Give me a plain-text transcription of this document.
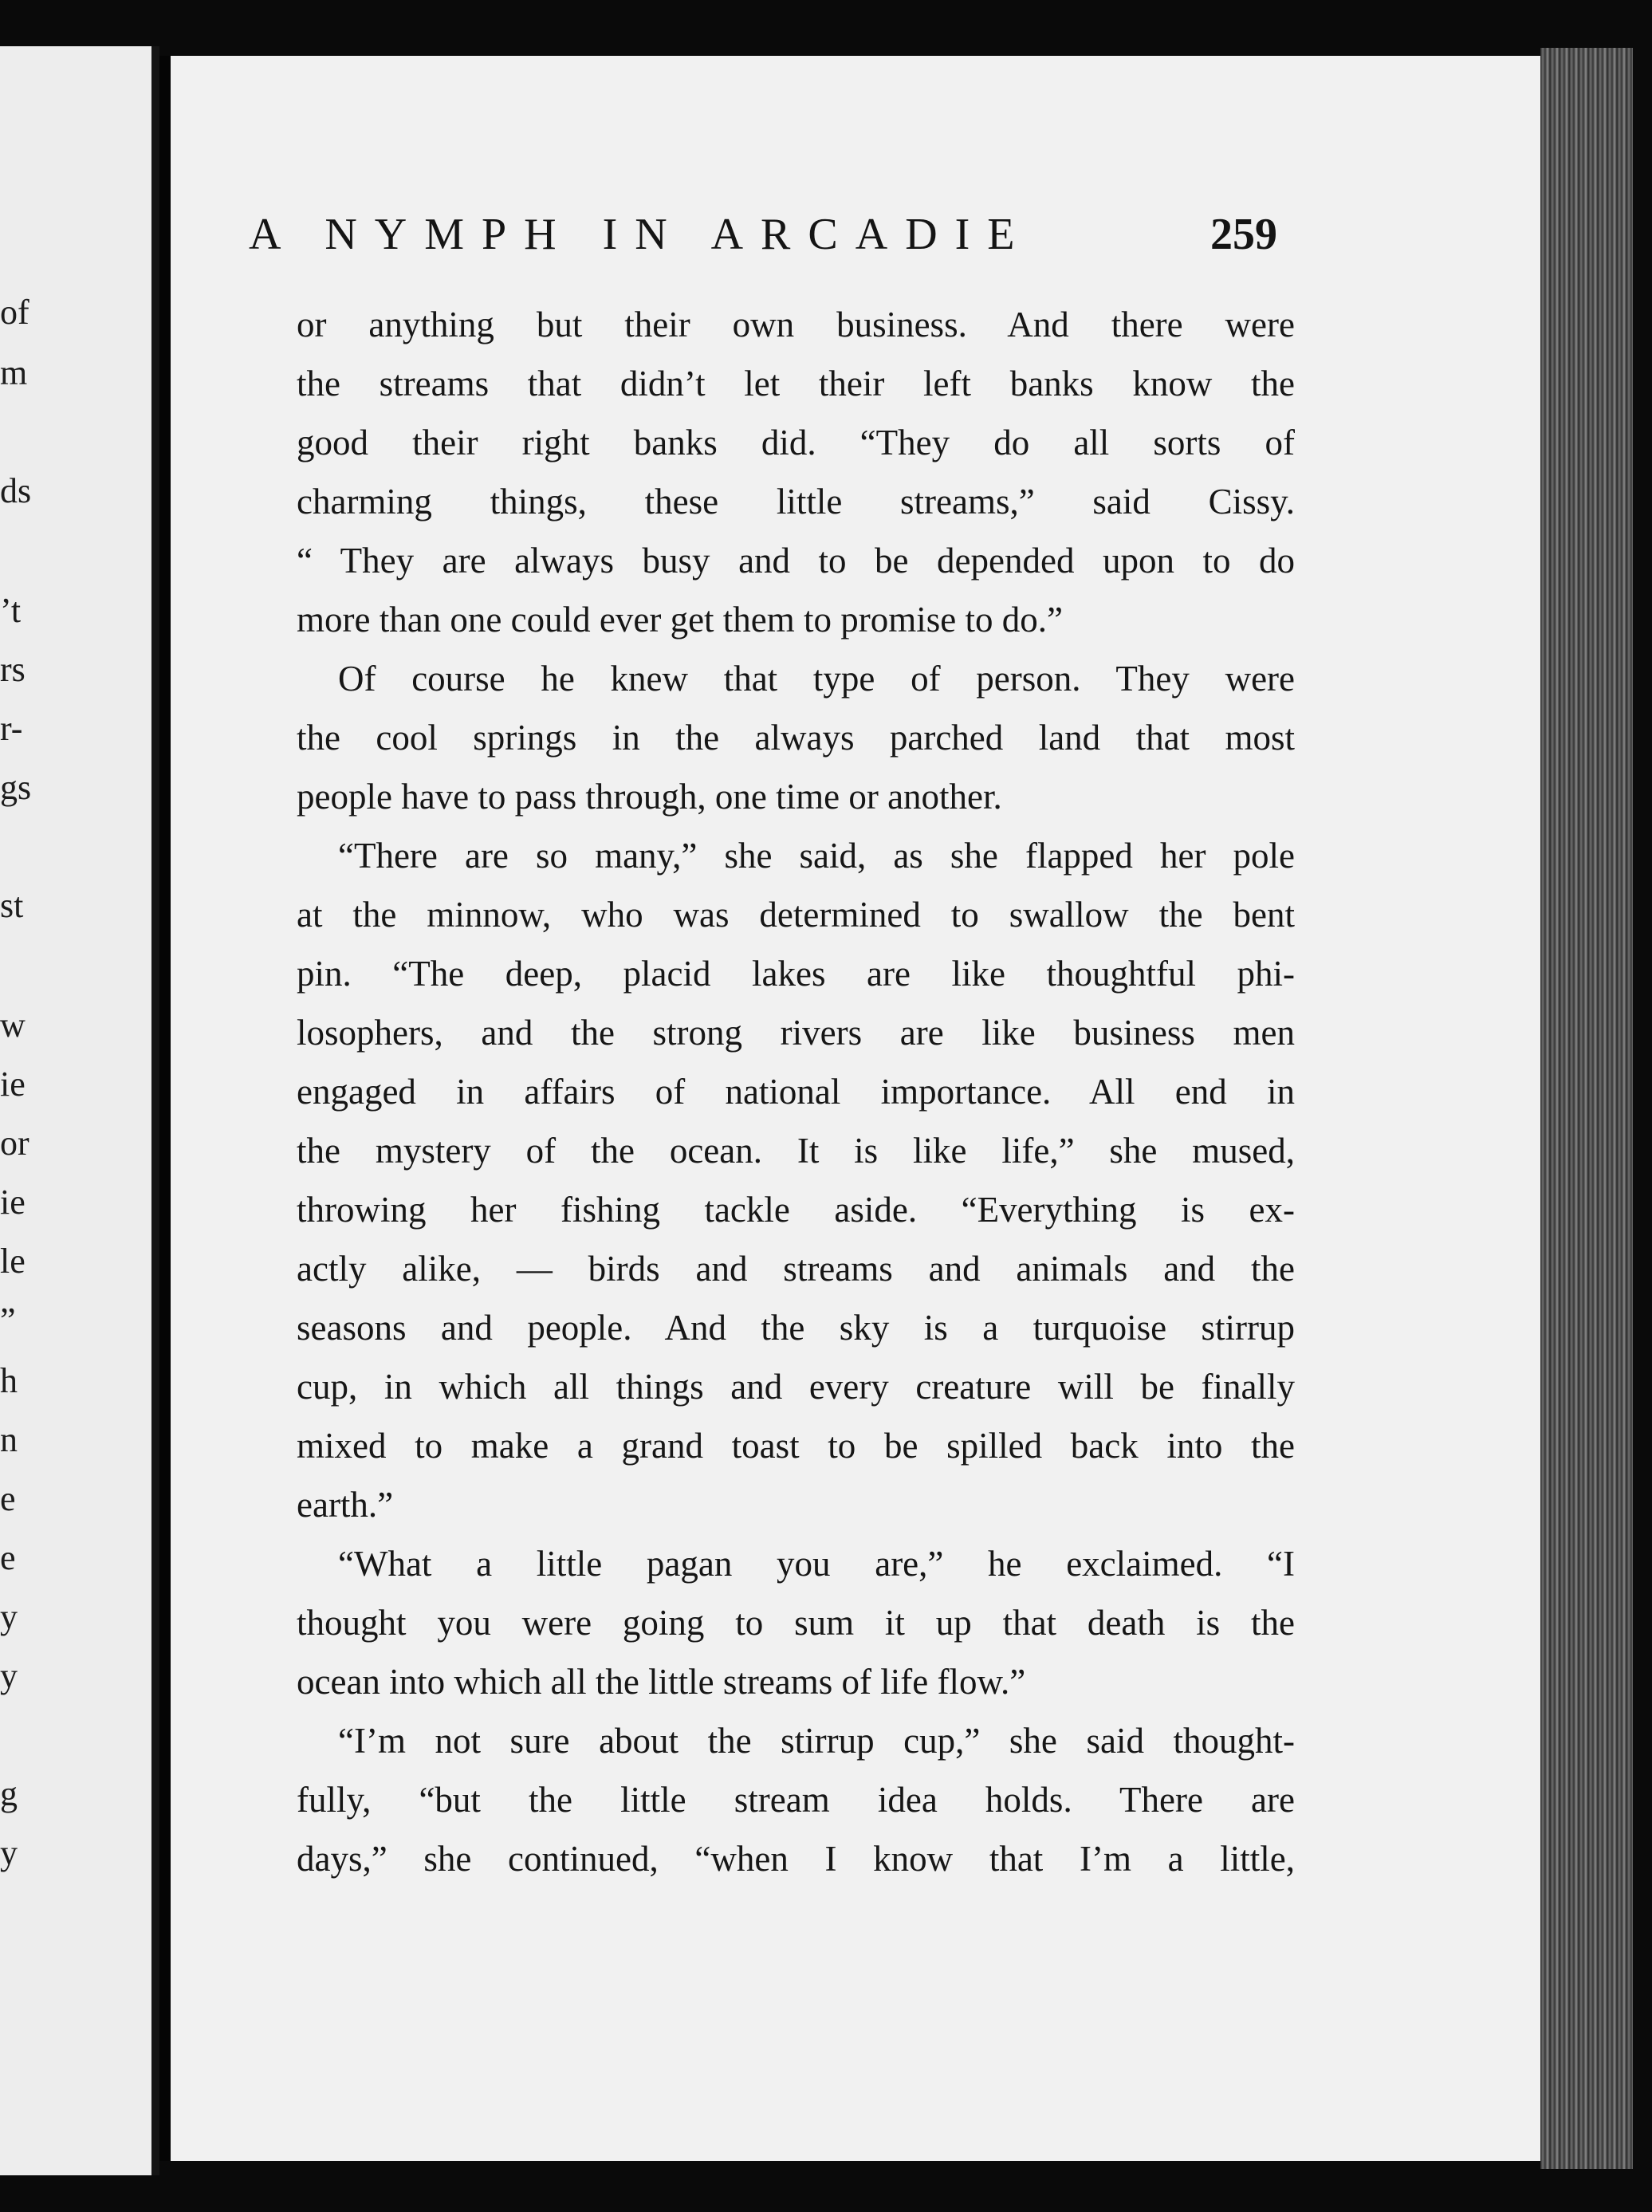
of
m
ds
’t
rs
r-
gs
st
w
ie
or
ie
le
”
h
n
e
e
y
y
g
y
A NYMPH IN ARCADIE	259
or anything but their own business. And there were
the streams that didn’t let their left banks know the
good their right banks did. “They do all sorts of
charming things, these little streams,” said Cissy.
“ They are always busy and to be depended upon to do
more than one could ever get them to promise to do.”
Of course he knew that type of person. They were
the cool springs in the always parched land that most
people have to pass through, one time or another.
“There are so many,” she said, as she flapped her pole
at the minnow, who was determined to swallow the bent
pin. “The deep, placid lakes are like thoughtful phi-
losophers, and the strong rivers are like business men
engaged in affairs of national importance. All end in
the mystery of the ocean. It is like life,” she mused,
throwing her fishing tackle aside. “Everything is ex-
actly alike, — birds and streams and animals and the
seasons and people. And the sky is a turquoise stirrup
cup, in which all things and every creature will be finally
mixed to make a grand toast to be spilled back into the
earth.”
“What a little pagan you are,” he exclaimed. “I
thought you were going to sum it up that death is the
ocean into which all the little streams of life flow.”
“I’m not sure about the stirrup cup,” she said thought-
fully, “but the little stream idea holds. There are
days,” she continued, “when I know that I’m a little,
